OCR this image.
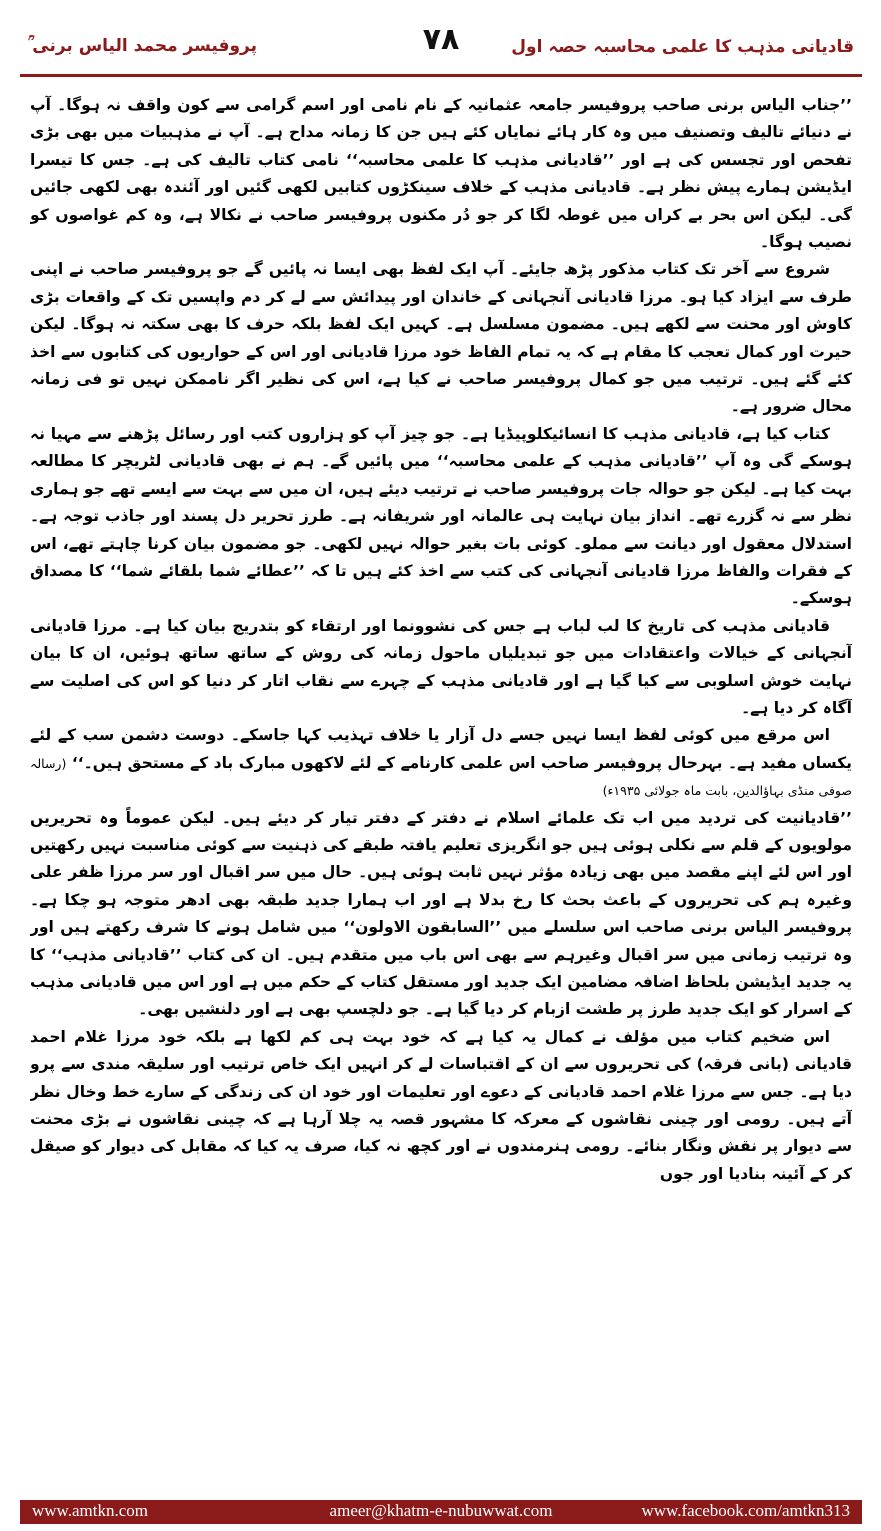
قادیانی مذہب کا علمی محاسبہ حصہ اول
۷۸
پروفیسر محمد الیاس برنی ؒ

’’جناب الیاس برنی صاحب پروفیسر جامعہ عثمانیہ کے نام نامی اور اسم گرامی سے کون واقف نہ ہوگا۔ آپ نے دنیائے تالیف وتصنیف میں وہ کار ہائے نمایاں کئے ہیں جن کا زمانہ مداح ہے۔ آپ نے مذہبیات میں بھی بڑی تفحص اور تجسس کی ہے اور ’’قادیانی مذہب کا علمی محاسبہ‘‘ نامی کتاب تالیف کی ہے۔ جس کا تیسرا ایڈیشن ہمارے پیش نظر ہے۔ قادیانی مذہب کے خلاف سینکڑوں کتابیں لکھی گئیں اور آئندہ بھی لکھی جائیں گی۔ لیکن اس بحر بے کراں میں غوطہ لگا کر جو دُر مکنوں پروفیسر صاحب نے نکالا ہے، وہ کم غواصوں کو نصیب ہوگا۔

شروع سے آخر تک کتاب مذکور پڑھ جایئے۔ آپ ایک لفظ بھی ایسا نہ پائیں گے جو پروفیسر صاحب نے اپنی طرف سے ایزاد کیا ہو۔ مرزا قادیانی آنجہانی کے خاندان اور پیدائش سے لے کر دم واپسیں تک کے واقعات بڑی کاوش اور محنت سے لکھے ہیں۔ مضمون مسلسل ہے۔ کہیں ایک لفظ بلکہ حرف کا بھی سکتہ نہ ہوگا۔ لیکن حیرت اور کمال تعجب کا مقام ہے کہ یہ تمام الفاظ خود مرزا قادیانی اور اس کے حواریوں کی کتابوں سے اخذ کئے گئے ہیں۔ ترتیب میں جو کمال پروفیسر صاحب نے کیا ہے، اس کی نظیر اگر ناممکن نہیں تو فی زمانہ محال ضرور ہے۔

کتاب کیا ہے، قادیانی مذہب کا انسائیکلوپیڈیا ہے۔ جو چیز آپ کو ہزاروں کتب اور رسائل پڑھنے سے مہیا نہ ہوسکے گی وہ آپ ’’قادیانی مذہب کے علمی محاسبہ‘‘ میں پائیں گے۔ ہم نے بھی قادیانی لٹریچر کا مطالعہ بہت کیا ہے۔ لیکن جو حوالہ جات پروفیسر صاحب نے ترتیب دیئے ہیں، ان میں سے بہت سے ایسے تھے جو ہماری نظر سے نہ گزرے تھے۔ انداز بیان نہایت ہی عالمانہ اور شریفانہ ہے۔ طرز تحریر دل پسند اور جاذب توجہ ہے۔ استدلال معقول اور دیانت سے مملو۔ کوئی بات بغیر حوالہ نہیں لکھی۔ جو مضمون بیان کرنا چاہتے تھے، اس کے فقرات والفاظ مرزا قادیانی آنجہانی کی کتب سے اخذ کئے ہیں تا کہ ’’عطائے شما بلقائے شما‘‘ کا مصداق ہوسکے۔

قادیانی مذہب کی تاریخ کا لب لباب ہے جس کی نشوونما اور ارتقاء کو بتدریج بیان کیا ہے۔ مرزا قادیانی آنجہانی کے خیالات واعتقادات میں جو تبدیلیاں ماحول زمانہ کی روش کے ساتھ ساتھ ہوئیں، ان کا بیان نہایت خوش اسلوبی سے کیا گیا ہے اور قادیانی مذہب کے چہرے سے نقاب اتار کر دنیا کو اس کی اصلیت سے آگاہ کر دیا ہے۔

اس مرقع میں کوئی لفظ ایسا نہیں جسے دل آزار یا خلاف تہذیب کہا جاسکے۔ دوست دشمن سب کے لئے یکساں مفید ہے۔ بہرحال پروفیسر صاحب اس علمی کارنامے کے لئے لاکھوں مبارک باد کے مستحق ہیں۔‘‘ (رسالہ صوفی منڈی بہاؤالدین، بابت ماہ جولائی ۱۹۳۵ء)

’’قادیانیت کی تردید میں اب تک علمائے اسلام نے دفتر کے دفتر تیار کر دیئے ہیں۔ لیکن عموماً وہ تحریریں مولویوں کے قلم سے نکلی ہوئی ہیں جو انگریزی تعلیم یافتہ طبقے کی ذہنیت سے کوئی مناسبت نہیں رکھتیں اور اس لئے اپنے مقصد میں بھی زیادہ مؤثر نہیں ثابت ہوئی ہیں۔ حال میں سر اقبال اور سر مرزا ظفر علی وغیرہ ہم کی تحریروں کے باعث بحث کا رخ بدلا ہے اور اب ہمارا جدید طبقہ بھی ادھر متوجہ ہو چکا ہے۔ پروفیسر الیاس برنی صاحب اس سلسلے میں ’’السابقون الاولون‘‘ میں شامل ہونے کا شرف رکھتے ہیں اور وہ ترتیب زمانی میں سر اقبال وغیرہم سے بھی اس باب میں متقدم ہیں۔ ان کی کتاب ’’قادیانی مذہب‘‘ کا یہ جدید ایڈیشن بلحاظ اضافہ مضامین ایک جدید اور مستقل کتاب کے حکم میں ہے اور اس میں قادیانی مذہب کے اسرار کو ایک جدید طرز پر طشت ازبام کر دیا گیا ہے۔ جو دلچسپ بھی ہے اور دلنشیں بھی۔

اس ضخیم کتاب میں مؤلف نے کمال یہ کیا ہے کہ خود بہت ہی کم لکھا ہے بلکہ خود مرزا غلام احمد قادیانی (بانی فرقہ) کی تحریروں سے ان کے اقتباسات لے کر انہیں ایک خاص ترتیب اور سلیقہ مندی سے پرو دیا ہے۔ جس سے مرزا غلام احمد قادیانی کے دعوے اور تعلیمات اور خود ان کی زندگی کے سارے خط وخال نظر آتے ہیں۔ رومی اور چینی نقاشوں کے معرکہ کا مشہور قصہ یہ چلا آرہا ہے کہ چینی نقاشوں نے بڑی محنت سے دیوار پر نقش ونگار بنائے۔ رومی ہنرمندوں نے اور کچھ نہ کیا، صرف یہ کیا کہ مقابل کی دیوار کو صیقل کر کے آئینہ بنادیا اور جوں

www.amtkn.com	ameer@khatm-e-nubuwwat.com	www.facebook.com/amtkn313
